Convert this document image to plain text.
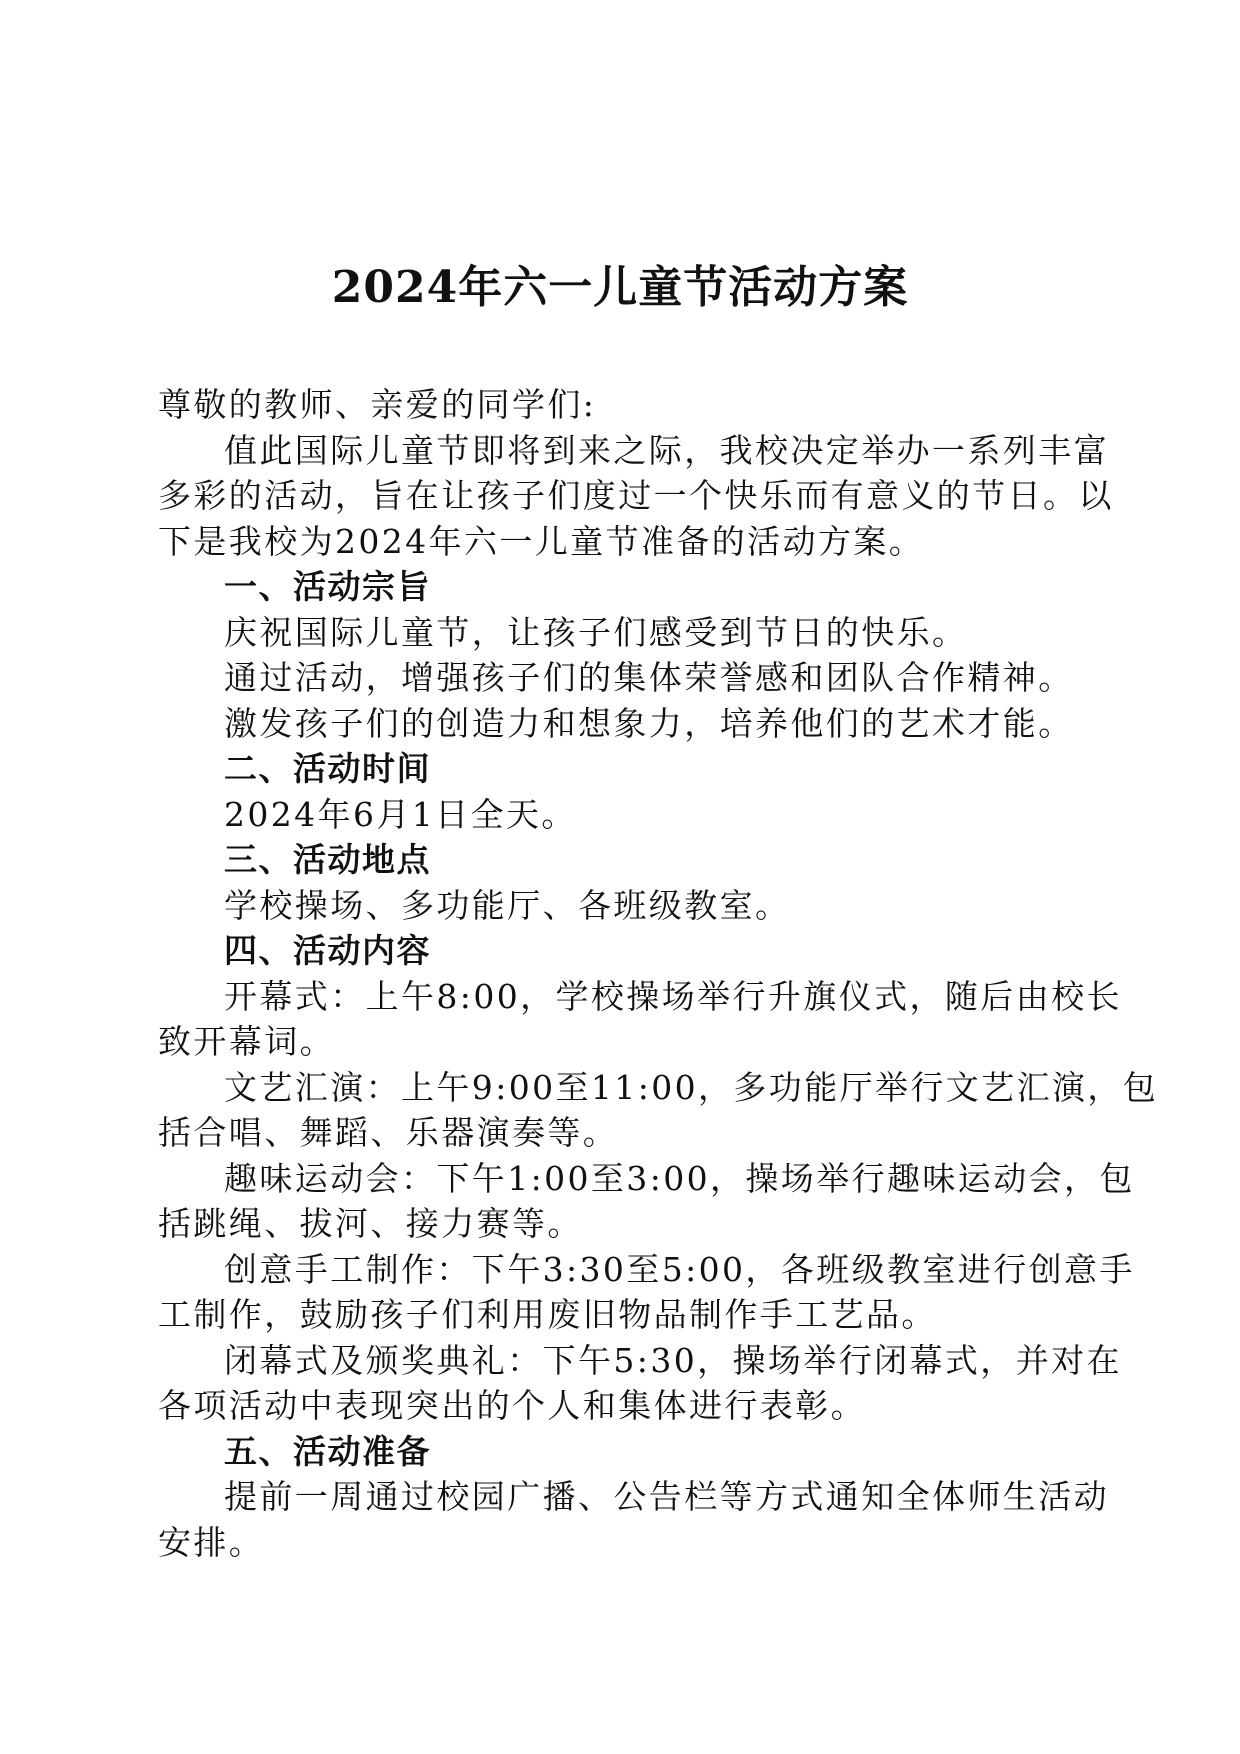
2024年六一儿童节活动方案
尊敬的教师、亲爱的同学们:
值此国际儿童节即将到来之际，我校决定举办一系列丰富
多彩的活动，旨在让孩子们度过一个快乐而有意义的节日。以
下是我校为2024年六一儿童节准备的活动方案。
一、活动宗旨
庆祝国际儿童节，让孩子们感受到节日的快乐。
通过活动，增强孩子们的集体荣誉感和团队合作精神。
激发孩子们的创造力和想象力，培养他们的艺术才能。
二、活动时间
2024年6月1日全天。
三、活动地点
学校操场、多功能厅、各班级教室。
四、活动内容
开幕式：上午8:00，学校操场举行升旗仪式，随后由校长
致开幕词。
文艺汇演：上午9:00至11:00，多功能厅举行文艺汇演，包
括合唱、舞蹈、乐器演奏等。
趣味运动会：下午1:00至3:00，操场举行趣味运动会，包
括跳绳、拔河、接力赛等。
创意手工制作：下午3:30至5:00，各班级教室进行创意手
工制作，鼓励孩子们利用废旧物品制作手工艺品。
闭幕式及颁奖典礼：下午5:30，操场举行闭幕式，并对在
各项活动中表现突出的个人和集体进行表彰。
五、活动准备
提前一周通过校园广播、公告栏等方式通知全体师生活动
安排。
